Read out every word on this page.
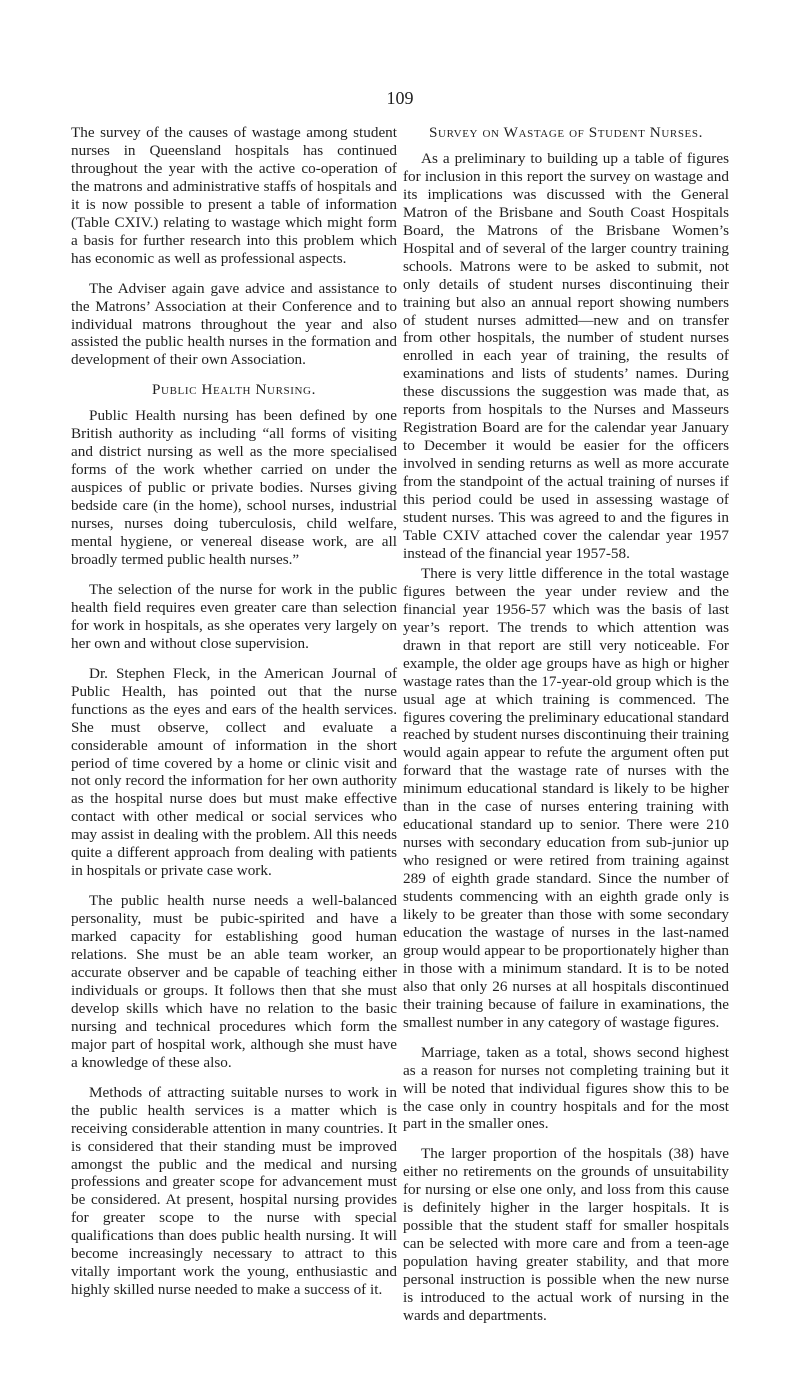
109

The survey of the causes of wastage among student nurses in Queensland hospitals has continued throughout the year with the active co-operation of the matrons and administrative staffs of hospitals and it is now possible to present a table of information (Table CXIV.) relating to wastage which might form a basis for further research into this problem which has economic as well as professional aspects.

The Adviser again gave advice and assistance to the Matrons’ Association at their Conference and to individual matrons throughout the year and also assisted the public health nurses in the formation and development of their own Association.

Public Health Nursing.

Public Health nursing has been defined by one British authority as including “all forms of visiting and district nursing as well as the more specialised forms of the work whether carried on under the auspices of public or private bodies. Nurses giving bedside care (in the home), school nurses, industrial nurses, nurses doing tuberculosis, child welfare, mental hygiene, or venereal disease work, are all broadly termed public health nurses.”

The selection of the nurse for work in the public health field requires even greater care than selection for work in hospitals, as she operates very largely on her own and without close supervision.

Dr. Stephen Fleck, in the American Journal of Public Health, has pointed out that the nurse functions as the eyes and ears of the health services. She must observe, collect and evaluate a considerable amount of information in the short period of time covered by a home or clinic visit and not only record the information for her own authority as the hospital nurse does but must make effective contact with other medical or social services who may assist in dealing with the problem. All this needs quite a different approach from dealing with patients in hospitals or private case work.

The public health nurse needs a well-balanced personality, must be pubic-spirited and have a marked capacity for establishing good human relations. She must be an able team worker, an accurate observer and be capable of teaching either individuals or groups. It follows then that she must develop skills which have no relation to the basic nursing and technical procedures which form the major part of hospital work, although she must have a knowledge of these also.

Methods of attracting suitable nurses to work in the public health services is a matter which is receiving considerable attention in many countries. It is considered that their standing must be improved amongst the public and the medical and nursing professions and greater scope for advancement must be considered. At present, hospital nursing provides for greater scope to the nurse with special qualifications than does public health nursing. It will become increasingly necessary to attract to this vitally important work the young, enthusiastic and highly skilled nurse needed to make a success of it.

Survey on Wastage of Student Nurses.

As a preliminary to building up a table of figures for inclusion in this report the survey on wastage and its implications was discussed with the General Matron of the Brisbane and South Coast Hospitals Board, the Matrons of the Brisbane Women’s Hospital and of several of the larger country training schools. Matrons were to be asked to submit, not only details of student nurses discontinuing their training but also an annual report showing numbers of student nurses admitted—new and on transfer from other hospitals, the number of student nurses enrolled in each year of training, the results of examinations and lists of students’ names. During these discussions the suggestion was made that, as reports from hospitals to the Nurses and Masseurs Registration Board are for the calendar year January to December it would be easier for the officers involved in sending returns as well as more accurate from the standpoint of the actual training of nurses if this period could be used in assessing wastage of student nurses. This was agreed to and the figures in Table CXIV attached cover the calendar year 1957 instead of the financial year 1957-58.

There is very little difference in the total wastage figures between the year under review and the financial year 1956-57 which was the basis of last year’s report. The trends to which attention was drawn in that report are still very noticeable. For example, the older age groups have as high or higher wastage rates than the 17-year-old group which is the usual age at which training is commenced. The figures covering the preliminary educational standard reached by student nurses discontinuing their training would again appear to refute the argument often put forward that the wastage rate of nurses with the minimum educational standard is likely to be higher than in the case of nurses entering training with educational standard up to senior. There were 210 nurses with secondary education from sub-junior up who resigned or were retired from training against 289 of eighth grade standard. Since the number of students commencing with an eighth grade only is likely to be greater than those with some secondary education the wastage of nurses in the last-named group would appear to be proportionately higher than in those with a minimum standard. It is to be noted also that only 26 nurses at all hospitals discontinued their training because of failure in examinations, the smallest number in any category of wastage figures.

Marriage, taken as a total, shows second highest as a reason for nurses not completing training but it will be noted that individual figures show this to be the case only in country hospitals and for the most part in the smaller ones.

The larger proportion of the hospitals (38) have either no retirements on the grounds of unsuitability for nursing or else one only, and loss from this cause is definitely higher in the larger hospitals. It is possible that the student staff for smaller hospitals can be selected with more care and from a teen-age population having greater stability, and that more personal instruction is possible when the new nurse is introduced to the actual work of nursing in the wards and departments.
